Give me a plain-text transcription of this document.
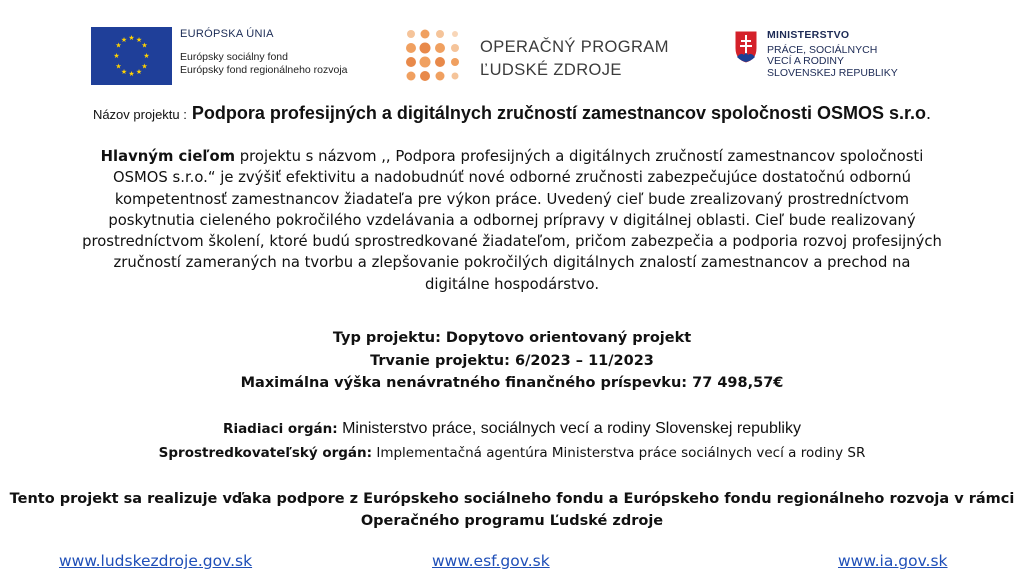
★ ★
★
★
★
★
★
★
★
★
★
★	EURÓPSKA ÚNIA
Európsky sociálny fond
Európsky fond regionálneho rozvoja
OPERAČNÝ PROGRAM
ĽUDSKÉ ZDROJE
MINISTERSTVO
PRÁCE, SOCIÁLNYCH
VECÍ A RODINY
SLOVENSKEJ REPUBLIKY
Názov projektu : Podpora profesijných a digitálnych zručností zamestnancov spoločnosti OSMOS s.r.o.
Hlavným cieľom projektu s názvom ,, Podpora profesijných a digitálnych zručností zamestnancov spoločnosti OSMOS s.r.o.“ je zvýšiť efektivitu a nadobudnúť nové odborné zručnosti zabezpečujúce dostatočnú odbornú kompetentnosť zamestnancov žiadateľa pre výkon práce. Uvedený cieľ bude zrealizovaný prostredníctvom poskytnutia cieleného pokročilého vzdelávania a odbornej prípravy v digitálnej oblasti. Cieľ bude realizovaný prostredníctvom školení, ktoré budú sprostredkované žiadateľom, pričom zabezpečia a podporia rozvoj profesijných zručností zameraných na tvorbu a zlepšovanie pokročilých digitálnych znalostí zamestnancov a prechod na digitálne hospodárstvo.
Typ projektu: Dopytovo orientovaný projekt
Trvanie projektu: 6/2023 – 11/2023
Maximálna výška nenávratného finančného príspevku: 77 498,57€
Riadiaci orgán: Ministerstvo práce, sociálnych vecí a rodiny Slovenskej republiky
Sprostredkovateľský orgán: Implementačná agentúra Ministerstva práce sociálnych vecí a rodiny SR
Tento projekt sa realizuje vďaka podpore z Európskeho sociálneho fondu a Európskeho fondu regionálneho rozvoja v rámci Operačného programu Ľudské zdroje
www.ludskezdroje.gov.sk	www.esf.gov.sk	www.ia.gov.sk
